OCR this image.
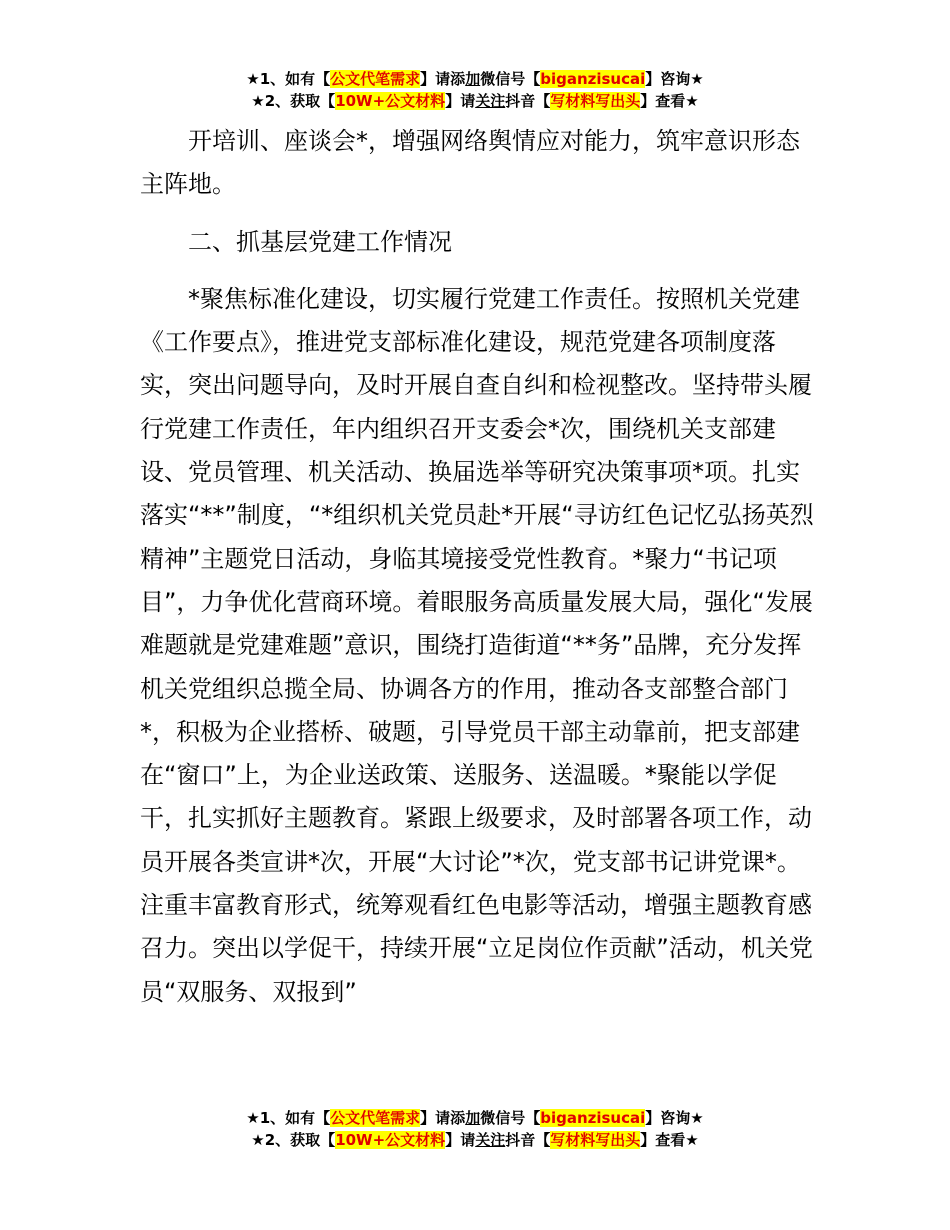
★1、如有【公文代笔需求】请添加微信号【biganzisucai】咨询★
★2、获取【10W+公文材料】请关注抖音【写材料写出头】查看★

开培训、座谈会*，增强网络舆情应对能力，筑牢意识形态主阵地。

二、抓基层党建工作情况

*聚焦标准化建设，切实履行党建工作责任。按照机关党建《工作要点》，推进党支部标准化建设，规范党建各项制度落实，突出问题导向，及时开展自查自纠和检视整改。坚持带头履行党建工作责任，年内组织召开支委会*次，围绕机关支部建设、党员管理、机关活动、换届选举等研究决策事项*项。扎实落实“**”制度，“*组织机关党员赴*开展“寻访红色记忆弘扬英烈精神”主题党日活动，身临其境接受党性教育。*聚力“书记项目”，力争优化营商环境。着眼服务高质量发展大局，强化“发展难题就是党建难题”意识，围绕打造街道“**务”品牌，充分发挥机关党组织总揽全局、协调各方的作用，推动各支部整合部门*，积极为企业搭桥、破题，引导党员干部主动靠前，把支部建在“窗口”上，为企业送政策、送服务、送温暖。*聚能以学促干，扎实抓好主题教育。紧跟上级要求，及时部署各项工作，动员开展各类宣讲*次，开展“大讨论”*次，党支部书记讲党课*。注重丰富教育形式，统筹观看红色电影等活动，增强主题教育感召力。突出以学促干，持续开展“立足岗位作贡献”活动，机关党员“双服务、双报到”

★1、如有【公文代笔需求】请添加微信号【biganzisucai】咨询★
★2、获取【10W+公文材料】请关注抖音【写材料写出头】查看★
